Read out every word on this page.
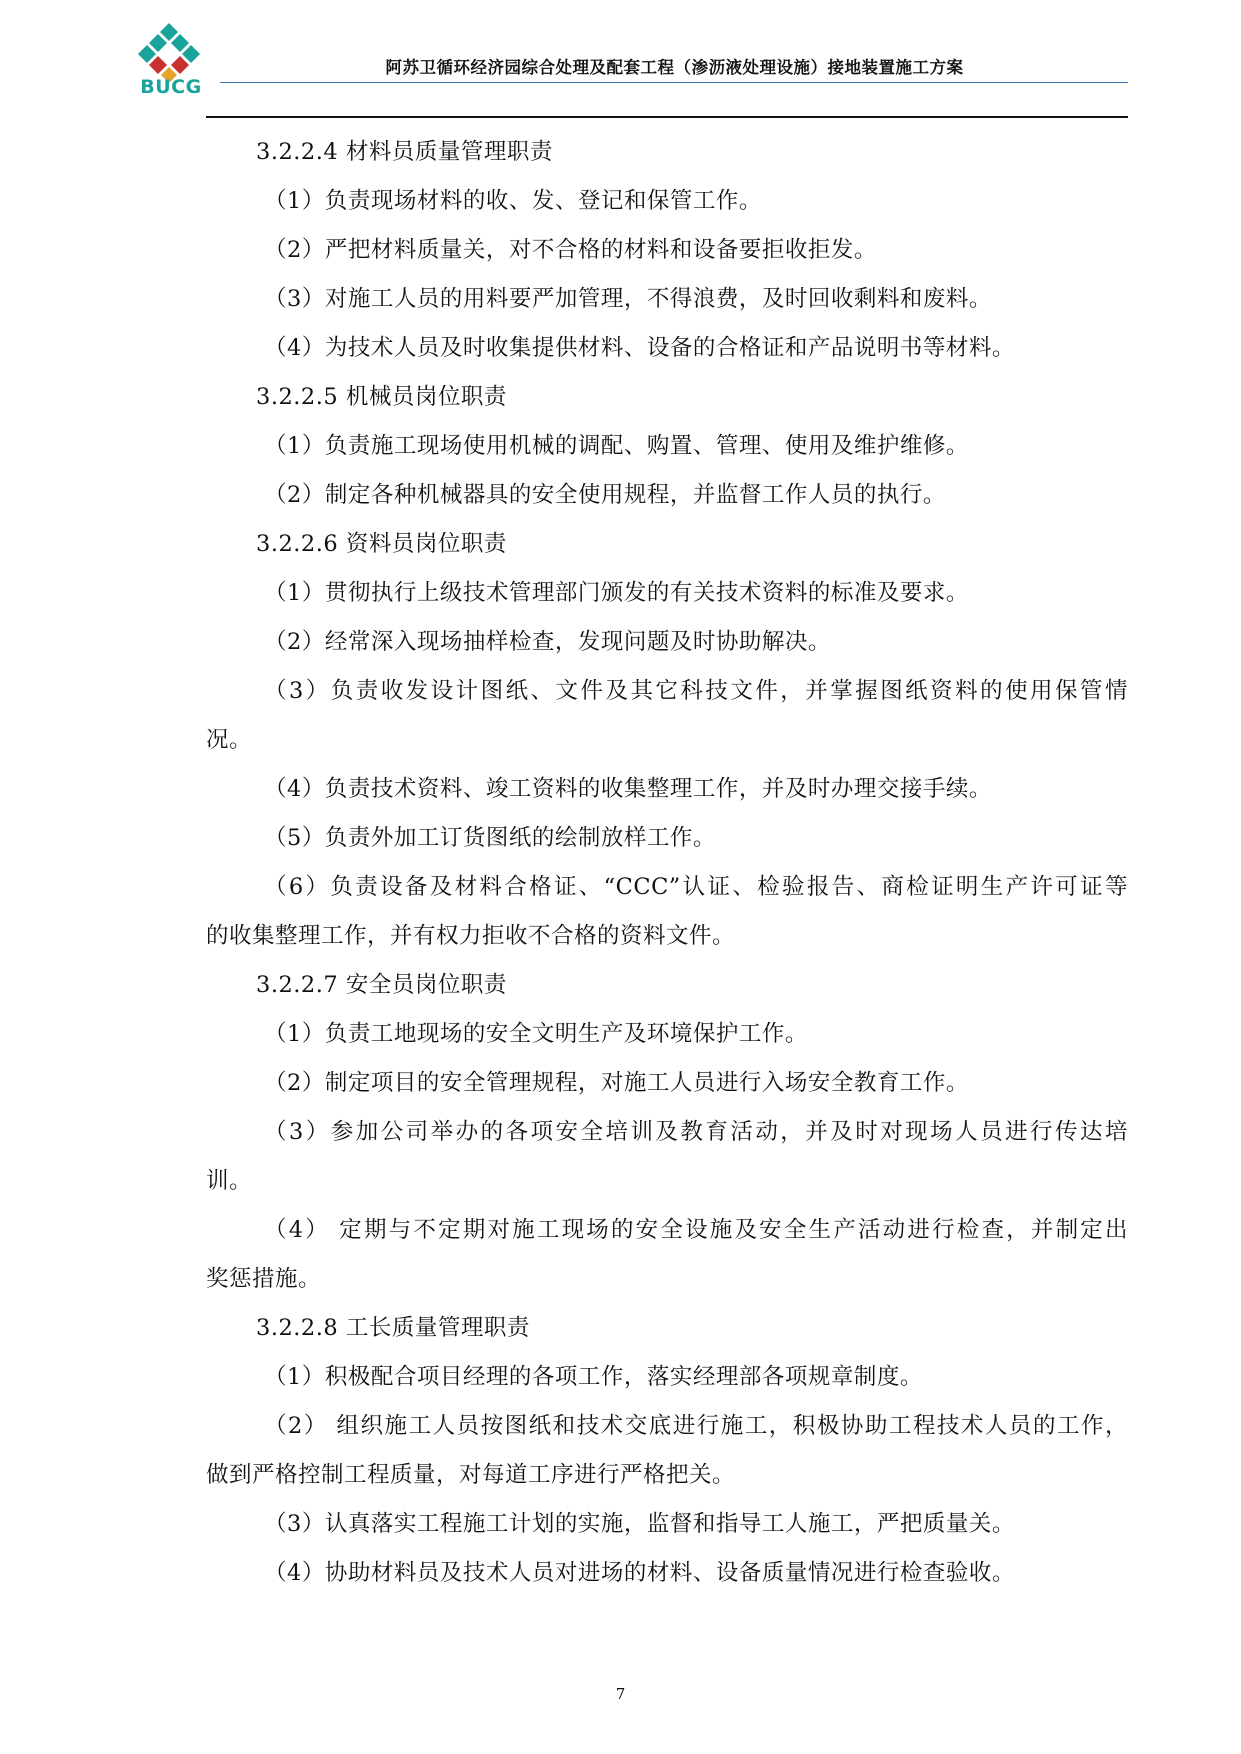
BUCG
阿苏卫循环经济园综合处理及配套工程（渗沥液处理设施）接地装置施工方案
3.2.2.4 材料员质量管理职责
（1）负责现场材料的收、发、登记和保管工作。
（2）严把材料质量关，对不合格的材料和设备要拒收拒发。
（3）对施工人员的用料要严加管理，不得浪费，及时回收剩料和废料。
（4）为技术人员及时收集提供材料、设备的合格证和产品说明书等材料。
3.2.2.5 机械员岗位职责
（1）负责施工现场使用机械的调配、购置、管理、使用及维护维修。
（2）制定各种机械器具的安全使用规程，并监督工作人员的执行。
3.2.2.6 资料员岗位职责
（1）贯彻执行上级技术管理部门颁发的有关技术资料的标准及要求。
（2）经常深入现场抽样检查，发现问题及时协助解决。
（3）负责收发设计图纸、文件及其它科技文件，并掌握图纸资料的使用保管情
况。
（4）负责技术资料、竣工资料的收集整理工作，并及时办理交接手续。
（5）负责外加工订货图纸的绘制放样工作。
（6）负责设备及材料合格证、“CCC”认证、检验报告、商检证明生产许可证等
的收集整理工作，并有权力拒收不合格的资料文件。
3.2.2.7 安全员岗位职责
（1）负责工地现场的安全文明生产及环境保护工作。
（2）制定项目的安全管理规程，对施工人员进行入场安全教育工作。
（3）参加公司举办的各项安全培训及教育活动，并及时对现场人员进行传达培
训。
（4） 定期与不定期对施工现场的安全设施及安全生产活动进行检查，并制定出
奖惩措施。
3.2.2.8 工长质量管理职责
（1）积极配合项目经理的各项工作，落实经理部各项规章制度。
（2） 组织施工人员按图纸和技术交底进行施工，积极协助工程技术人员的工作，
做到严格控制工程质量，对每道工序进行严格把关。
（3）认真落实工程施工计划的实施，监督和指导工人施工，严把质量关。
（4）协助材料员及技术人员对进场的材料、设备质量情况进行检查验收。
7
